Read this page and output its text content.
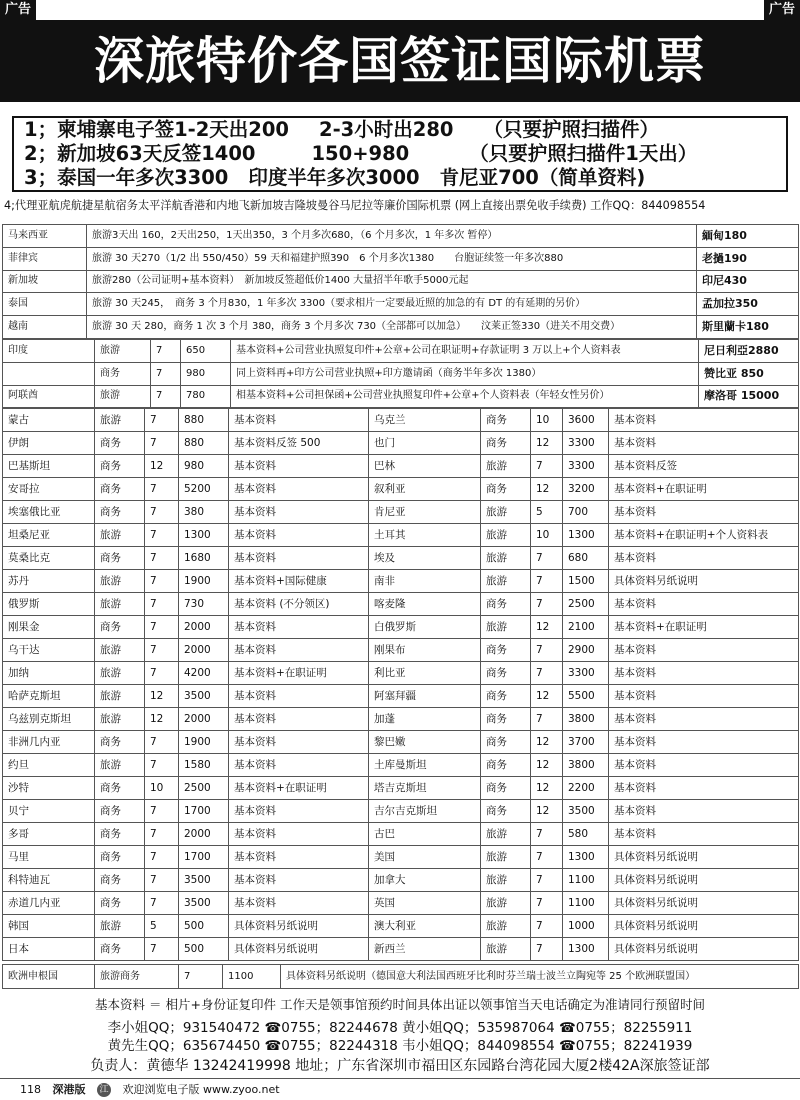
广告	广告
深旅特价各国签证国际机票
1；柬埔寨电子签1-2天出200 2-3小时出280 （只要护照扫描件）
2；新加坡63天反签1400	150+980	（只要护照扫描件1天出）
3；泰国一年多次3300 印度半年多次3000 肯尼亚700（简单资料)
4;代理亚航虎航捷星航宿务太平洋航香港和内地飞新加坡吉隆坡曼谷马尼拉等廉价国际机票 (网上直接出票免收手续费) 工作QQ：844098554
马来西亚	旅游3天出 160，2天出250，1天出350，3 个月多次680，（6 个月多次，1 年多次 暂停）	緬甸180
菲律宾	旅游 30 天270（1/2 出 550/450）59 天和福建护照390　6 个月多次1380　　台胞证续签一年多次880	老撾190
新加坡	旅游280（公司证明+基本资料）　新加坡反签超低价1400 大量招半年歌手5000元起	印尼430
泰国	旅游 30 天245，　商务 3 个月830，1 年多次 3300（要求相片一定要最近照的加急的有 DT 的有延期的另价）	孟加拉350
越南	旅游 30 天 280，商务 1 次 3 个月 380，商务 3 个月多次 730（全部都可以加急）　　汶莱正签330（进关不用交费）	斯里蘭卡180
印度	旅游	7	650	基本资料+公司营业执照复印件+公章+公司在职证明+存款证明 3 万以上+个人资料表	尼日利亞2880
	商务	7	980	同上资料再+印方公司营业执照+印方邀请函（商务半年多次 1380）	赞比亚 850
阿联酋	旅游	7	780	相基本资料+公司担保函+公司营业执照复印件+公章+个人资料表（年轻女性另价）	摩洛哥 15000
蒙古	旅游	7	880	基本资料	乌克兰	商务	10	3600	基本资料
伊朗	商务	7	880	基本资料反签 500	也门	商务	12	3300	基本资料
巴基斯坦	商务	12	980	基本资料	巴林	旅游	7	3300	基本资料反签
安哥拉	商务	7	5200	基本资料	叙利亚	商务	12	3200	基本资料+在职证明
埃塞俄比亚	商务	7	380	基本资料	肯尼亚	旅游	5	700	基本资料
坦桑尼亚	旅游	7	1300	基本资料	土耳其	旅游	10	1300	基本资料+在职证明+个人资料表
莫桑比克	商务	7	1680	基本资料	埃及	旅游	7	680	基本资料
苏丹	旅游	7	1900	基本资料+国际健康	南非	旅游	7	1500	具体资料另纸说明
俄罗斯	旅游	7	730	基本资料 (不分领区)	喀麦隆	商务	7	2500	基本资料
刚果金	商务	7	2000	基本资料	白俄罗斯	旅游	12	2100	基本资料+在职证明
乌干达	旅游	7	2000	基本资料	刚果布	商务	7	2900	基本资料
加纳	旅游	7	4200	基本资料+在职证明	利比亚	商务	7	3300	基本资料
哈萨克斯坦	旅游	12	3500	基本资料	阿塞拜疆	商务	12	5500	基本资料
乌兹别克斯坦	旅游	12	2000	基本资料	加蓬	商务	7	3800	基本资料
非洲几内亚	商务	7	1900	基本资料	黎巴嫩	商务	12	3700	基本资料
约旦	旅游	7	1580	基本资料	土库曼斯坦	商务	12	3800	基本资料
沙特	商务	10	2500	基本资料+在职证明	塔吉克斯坦	商务	12	2200	基本资料
贝宁	商务	7	1700	基本资料	吉尔吉克斯坦	商务	12	3500	基本资料
多哥	商务	7	2000	基本资料	古巴	旅游	7	580	基本资料
马里	商务	7	1700	基本资料	美国	旅游	7	1300	具体资料另纸说明
科特迪瓦	商务	7	3500	基本资料	加拿大	旅游	7	1100	具体资料另纸说明
赤道几内亚	商务	7	3500	基本资料	英国	旅游	7	1100	具体资料另纸说明
韩国	旅游	5	500	具体资料另纸说明	澳大利亚	旅游	7	1000	具体资料另纸说明
日本	商务	7	500	具体资料另纸说明	新西兰	旅游	7	1300	具体资料另纸说明
欧洲申根国	旅游商务	7	1100	具体资料另纸说明（德国意大利法国西班牙比利时芬兰瑞士波兰立陶宛等 25 个欧洲联盟国）
基本资料 ＝ 相片+身份证复印件 工作天是领事馆预约时间具体出证以领事馆当天电话确定为准请同行预留时间
李小姐QQ；931540472 ☎0755；82244678 黄小姐QQ；535987064 ☎0755；82255911
黄先生QQ；635674450 ☎0755；82244318 韦小姐QQ；844098554 ☎0755；82241939
负责人：黄德华 13242419998 地址；广东省深圳市福田区东园路台湾花园大厦2楼42A深旅签证部
118 深港版 江 欢迎浏览电子版 www.zyoo.net
